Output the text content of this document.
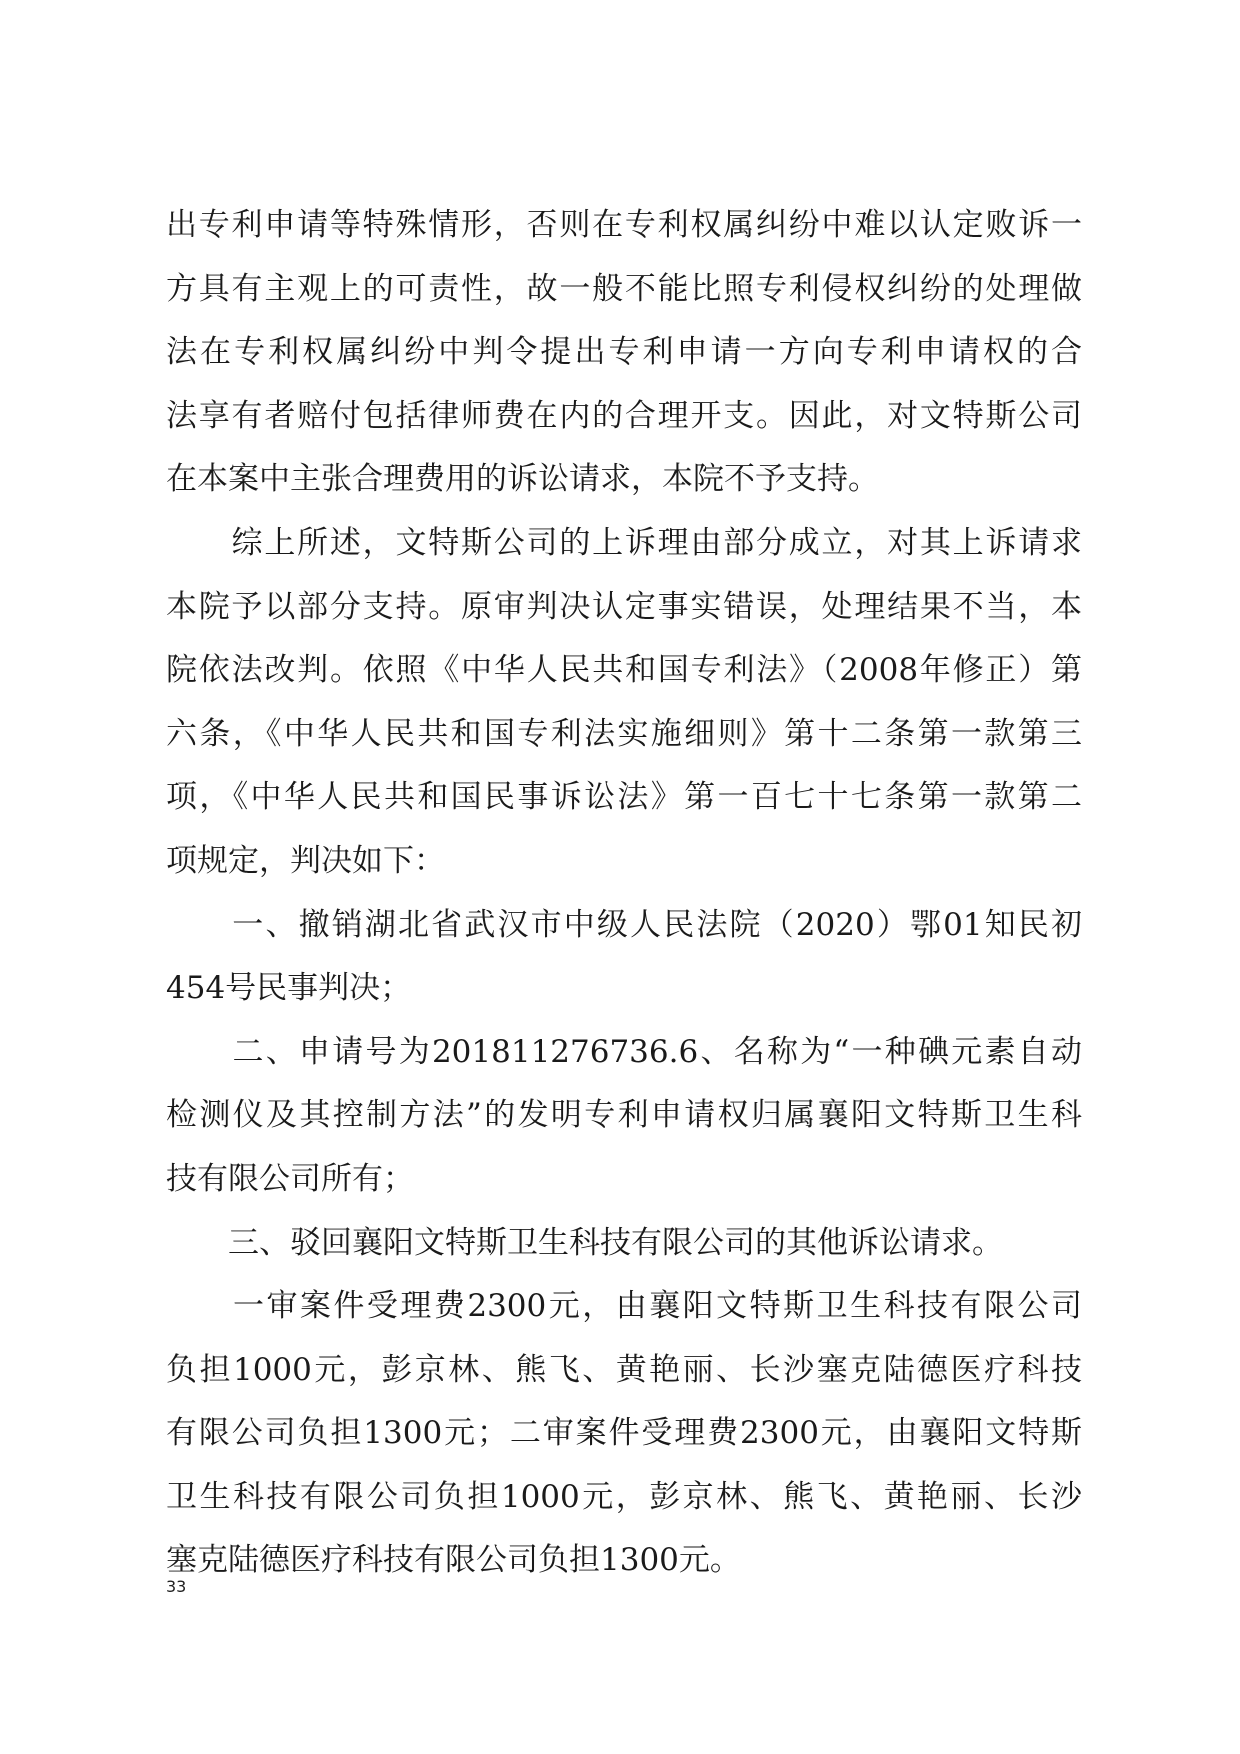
出专利申请等特殊情形，否则在专利权属纠纷中难以认定败诉一
方具有主观上的可责性，故一般不能比照专利侵权纠纷的处理做
法在专利权属纠纷中判令提出专利申请一方向专利申请权的合
法享有者赔付包括律师费在内的合理开支。因此，对文特斯公司
在本案中主张合理费用的诉讼请求，本院不予支持。
　　综上所述，文特斯公司的上诉理由部分成立，对其上诉请求
本院予以部分支持。原审判决认定事实错误，处理结果不当，本
院依法改判。依照《中华人民共和国专利法》（2008年修正）第
六条，《中华人民共和国专利法实施细则》第十二条第一款第三
项，《中华人民共和国民事诉讼法》第一百七十七条第一款第二
项规定，判决如下：
　　一、撤销湖北省武汉市中级人民法院（2020）鄂01知民初
454号民事判决；
　　二、申请号为201811276736.6、名称为“一种碘元素自动
检测仪及其控制方法”的发明专利申请权归属襄阳文特斯卫生科
技有限公司所有；
　　三、驳回襄阳文特斯卫生科技有限公司的其他诉讼请求。
　　一审案件受理费2300元，由襄阳文特斯卫生科技有限公司
负担1000元，彭京林、熊飞、黄艳丽、长沙塞克陆德医疗科技
有限公司负担1300元；二审案件受理费2300元，由襄阳文特斯
卫生科技有限公司负担1000元，彭京林、熊飞、黄艳丽、长沙
塞克陆德医疗科技有限公司负担1300元。
33
